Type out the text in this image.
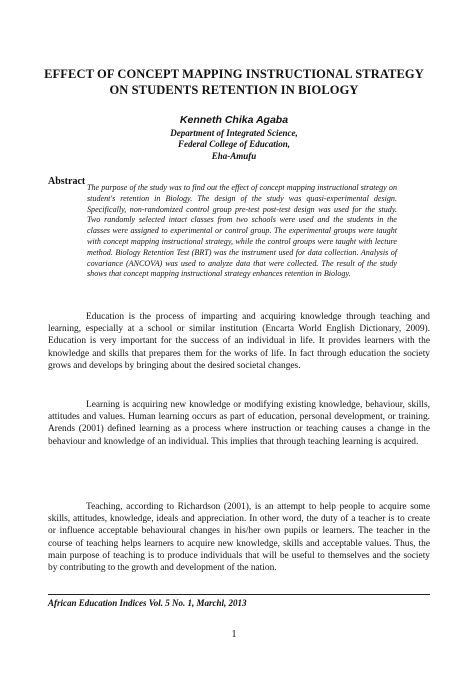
EFFECT OF CONCEPT MAPPING INSTRUCTIONAL STRATEGY ON STUDENTS RETENTION IN BIOLOGY
Kenneth Chika Agaba
Department of Integrated Science,
Federal College of Education,
Eha-Amufu
Abstract

The purpose of the study was to find out the effect of concept mapping instructional strategy on student's retention in Biology. The design of the study was quasi-experimental design. Specifically, non-randomized control group pre-test post-test design was used for the study. Two randomly selected intact classes from two schools were used and the students in the classes were assigned to experimental or control group. The experimental groups were taught with concept mapping instructional strategy, while the control groups were taught with lecture method. Biology Retention Test (BRT) was the instrument used for data collection. Analysis of covariance (ANCOVA) was used to analyze data that were collected. The result of the study shows that concept mapping instructional strategy enhances retention in Biology.

Education is the process of imparting and acquiring knowledge through teaching and learning, especially at a school or similar institution (Encarta World English Dictionary, 2009). Education is very important for the success of an individual in life. It provides learners with the knowledge and skills that prepares them for the works of life. In fact through education the society grows and develops by bringing about the desired societal changes.

Learning is acquiring new knowledge or modifying existing knowledge, behaviour, skills, attitudes and values. Human learning occurs as part of education, personal development, or training. Arends (2001) defined learning as a process where instruction or teaching causes a change in the behaviour and knowledge of an individual. This implies that through teaching learning is acquired.

Teaching, according to Richardson (2001), is an attempt to help people to acquire some skills, attitudes, knowledge, ideals and appreciation. In other word, the duty of a teacher is to create or influence acceptable behavioural changes in his/her own pupils or learners. The teacher in the course of teaching helps learners to acquire new knowledge, skills and acceptable values. Thus, the main purpose of teaching is to produce individuals that will be useful to themselves and the society by contributing to the growth and development of the nation.

African Education Indices Vol. 5 No. 1, Marchl, 2013
1
